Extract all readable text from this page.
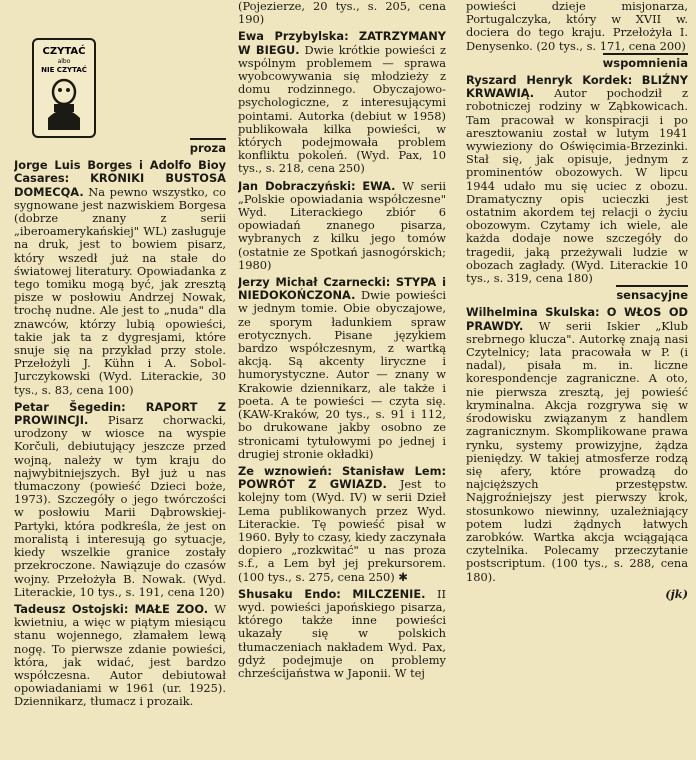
CZYTAĆ
albo
NIE CZYTAĆ
proza
Jorge Luis Borges i Adolfo Bioy Casares: KRONIKI BUSTOSA DOMECQA. Na pewno wszystko, co sygnowane jest nazwiskiem Borgesa (dobrze znany z serii „iberoamerykańskiej" WL) zasługuje na druk, jest to bowiem pisarz, który wszedł już na stałe do światowej literatury. Opowiadanka z tego tomiku mogą być, jak zresztą pisze w posłowiu Andrzej Nowak, trochę nudne. Ale jest to „nuda" dla znawców, którzy lubią opowieści, takie jak ta z dygresjami, które snuje się na przykład przy stole. Przełożyli J. Kühn i A. Sobol-Jurczykowski (Wyd. Literackie, 30 tys., s. 83, cena 100)
Petar Šegedin: RAPORT Z PROWINCJI. Pisarz chorwacki, urodzony w wiosce na wyspie Korčuli, debiutujący jeszcze przed wojną, należy w tym kraju do najwybitniejszych. Był już u nas tłumaczony (powieść Dzieci boże, 1973). Szczegóły o jego twórczości w posłowiu Marii Dąbrowskiej-Partyki, która podkreśla, że jest on moralistą i interesują go sytuacje, kiedy wszelkie granice zostały przekroczone. Nawiązuje do czasów wojny. Przełożyła B. Nowak. (Wyd. Literackie, 10 tys., s. 191, cena 120)
Tadeusz Ostojski: MAŁE ZOO. W kwietniu, a więc w piątym miesiącu stanu wojennego, złamałem lewą nogę. To pierwsze zdanie powieści, która, jak widać, jest bardzo współczesna. Autor debiutował opowiadaniami w 1961 (ur. 1925). Dziennikarz, tłumacz i prozaik.
(Pojezierze, 20 tys., s. 205, cena 190)
Ewa Przybylska: ZATRZYMANY W BIEGU. Dwie krótkie powieści z wspólnym problemem — sprawa wyobcowywania się młodzieży z domu rodzinnego. Obyczajowo-psychologiczne, z interesującymi pointami. Autorka (debiut w 1958) publikowała kilka powieści, w których podejmowała problem konfliktu pokoleń. (Wyd. Pax, 10 tys., s. 218, cena 250)
Jan Dobraczyński: EWA. W serii „Polskie opowiadania współczesne" Wyd. Literackiego zbiór 6 opowiadań znanego pisarza, wybranych z kilku jego tomów (ostatnie ze Spotkań jasnogórskich; 1980)
Jerzy Michał Czarnecki: STYPA i NIEDOKOŃCZONA. Dwie powieści w jednym tomie. Obie obyczajowe, ze sporym ładunkiem spraw erotycznych. Pisane językiem bardzo współczesnym, z wartką akcją. Są akcenty liryczne i humorystyczne. Autor — znany w Krakowie dziennikarz, ale także i poeta. A te powieści — czyta się. (KAW-Kraków, 20 tys., s. 91 i 112, bo drukowane jakby osobno ze stronicami tytułowymi po jednej i drugiej stronie okładki)
Ze wznowień: Stanisław Lem: POWRÓT Z GWIAZD. Jest to kolejny tom (Wyd. IV) w serii Dzieł Lema publikowanych przez Wyd. Literackie. Tę powieść pisał w 1960. Były to czasy, kiedy zaczynała dopiero „rozkwitać" u nas proza s.f., a Lem był jej prekursorem. (100 tys., s. 275, cena 250) ✱
Shusaku Endo: MILCZENIE. II wyd. powieści japońskiego pisarza, którego także inne powieści ukazały się w polskich tłumaczeniach nakładem Wyd. Pax, gdyż podejmuje on problemy chrześcijaństwa w Japonii. W tej
powieści dzieje misjonarza, Portugalczyka, który w XVII w. dociera do tego kraju. Przełożyła I. Denysenko. (20 tys., s. 171, cena 200)
wspomnienia
Ryszard Henryk Kordek: BLIŹNY KRWAWIĄ. Autor pochodził z robotniczej rodziny w Ząbkowicach. Tam pracował w konspiracji i po aresztowaniu został w lutym 1941 wywieziony do Oświęcimia-Brzezinki. Stał się, jak opisuje, jednym z prominentów obozowych. W lipcu 1944 udało mu się uciec z obozu. Dramatyczny opis ucieczki jest ostatnim akordem tej relacji o życiu obozowym. Czytamy ich wiele, ale każda dodaje nowe szczegóły do tragedii, jaką przeżywali ludzie w obozach zagłady. (Wyd. Literackie 10 tys., s. 319, cena 180)
sensacyjne
Wilhelmina Skulska: O WŁOS OD PRAWDY. W serii Iskier „Klub srebrnego klucza". Autorkę znają nasi Czytelnicy; lata pracowała w P. (i nadal), pisała m. in. liczne korespondencje zagraniczne. A oto, nie pierwsza zresztą, jej powieść kryminalna. Akcja rozgrywa się w środowisku związanym z handlem zagranicznym. Skomplikowane prawa rynku, systemy prowizyjne, żądza pieniędzy. W takiej atmosferze rodzą się afery, które prowadzą do najcięższych przestępstw. Najgroźniejszy jest pierwszy krok, stosunkowo niewinny, uzależniający potem ludzi żądnych łatwych zarobków. Wartka akcja wciągająca czytelnika. Polecamy przeczytanie postscriptum. (100 tys., s. 288, cena 180).
(jk)
